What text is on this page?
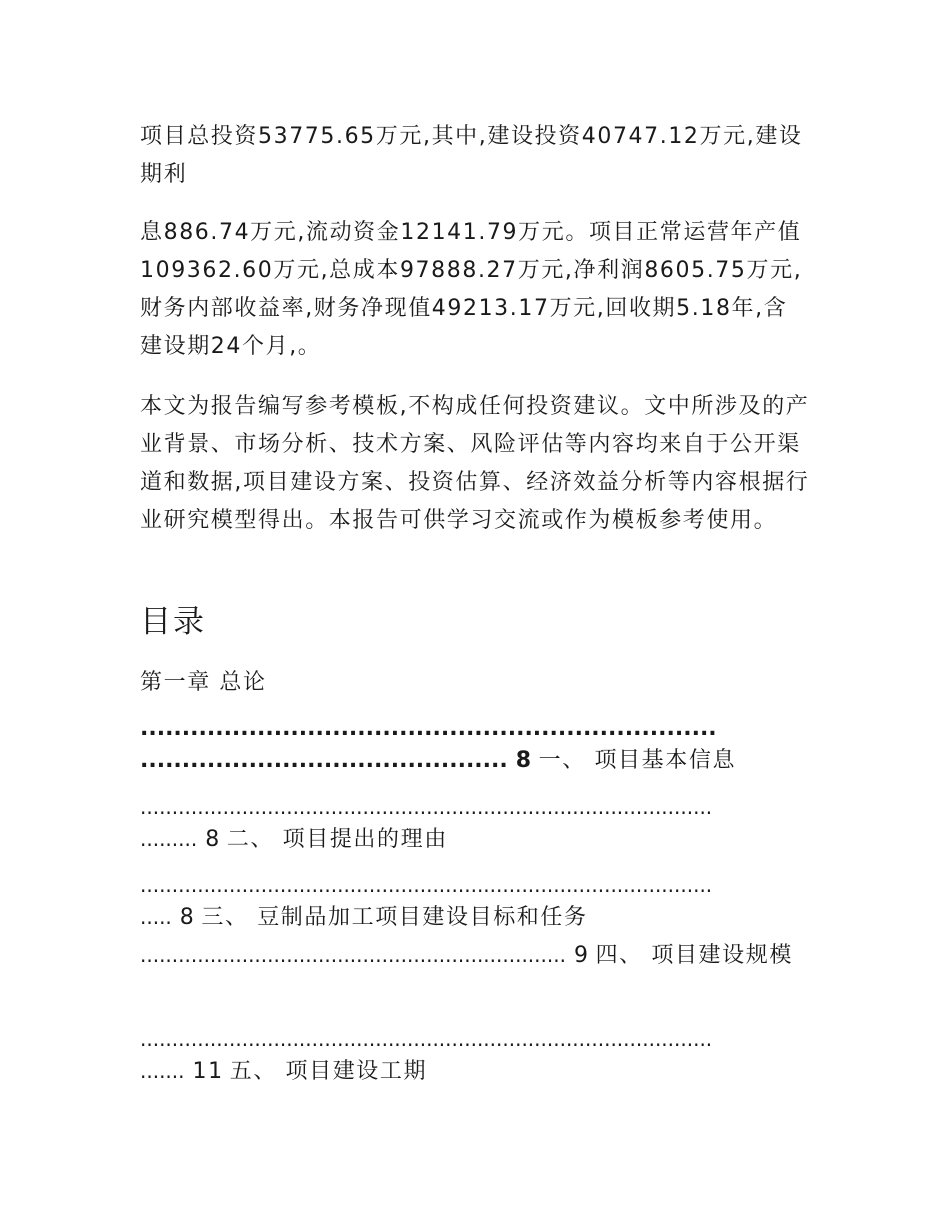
项目总投资53775.65万元,其中,建设投资40747.12万元,建设期利

息886.74万元,流动资金12141.79万元。项目正常运营年产值109362.60万元,总成本97888.27万元,净利润8605.75万元,财务内部收益率,财务净现值49213.17万元,回收期5.18年,含建设期24个月,。

本文为报告编写参考模板,不构成任何投资建议。文中所涉及的产业背景、市场分析、技术方案、风险评估等内容均来自于公开渠道和数据,项目建设方案、投资估算、经济效益分析等内容根据行业研究模型得出。本报告可供学习交流或作为模板参考使用。

目录
第一章 总论
.....................................................................
............................................ 8 一、 项目基本信息
..........................................................................................
......... 8 二、 项目提出的理由
..........................................................................................
..... 8 三、 豆制品加工项目建设目标和任务
................................................................... 9 四、 项目建设规模
..........................................................................................
....... 11 五、 项目建设工期
